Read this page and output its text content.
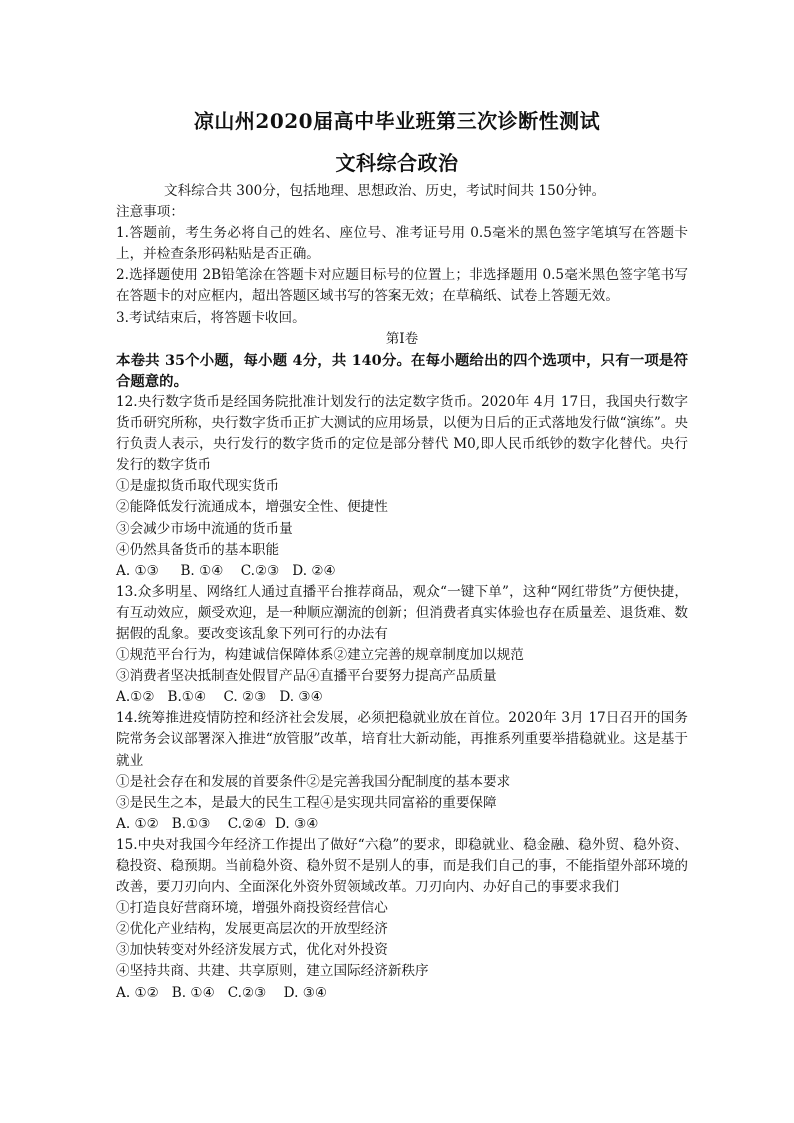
凉山州2020届高中毕业班第三次诊断性测试
文科综合政治
文科综合共 300分，包括地理、思想政治、历史，考试时间共 150分钟。
注意事项：
1.答题前，考生务必将自己的姓名、座位号、准考证号用 0.5毫米的黑色签字笔填写在答题卡上，并检查条形码粘贴是否正确。
2.选择题使用 2B铅笔涂在答题卡对应题目标号的位置上；非选择题用 0.5毫米黑色签字笔书写在答题卡的对应框内，超出答题区域书写的答案无效；在草稿纸、试卷上答题无效。
3.考试结束后，将答题卡收回。
第Ⅰ卷
本卷共 35个小题，每小题 4分，共 140分。在每小题给出的四个选项中，只有一项是符合题意的。
12.央行数字货币是经国务院批准计划发行的法定数字货币。2020年 4月 17日，我国央行数字货币研究所称，央行数字货币正扩大测试的应用场景，以便为日后的正式落地发行做“演练”。央行负责人表示，央行发行的数字货币的定位是部分替代 M0,即人民币纸钞的数字化替代。央行发行的数字货币
①是虚拟货币取代现实货币
②能降低发行流通成本，增强安全性、便捷性
③会减少市场中流通的货币量
④仍然具备货币的基本职能
A. ①③     B. ①④    C.②③   D. ②④
13.众多明星、网络红人通过直播平台推荐商品，观众“一键下单”，这种“网红带货”方便快捷，有互动效应，颇受欢迎，是一种顺应潮流的创新；但消费者真实体验也存在质量差、退货难、数据假的乱象。要改变该乱象下列可行的办法有
①规范平台行为，构建诚信保障体系②建立完善的规章制度加以规范
③消费者坚决抵制查处假冒产品④直播平台要努力提高产品质量
A.①②   B.①④    C. ②③   D. ③④
14.统筹推进疫情防控和经济社会发展，必须把稳就业放在首位。2020年 3月 17日召开的国务院常务会议部署深入推进“放管服”改革，培育壮大新动能，再推系列重要举措稳就业。这是基于就业
①是社会存在和发展的首要条件②是完善我国分配制度的基本要求
③是民生之本，是最大的民生工程④是实现共同富裕的重要保障
A. ①②   B.①③    C.②④  D. ③④
15.中央对我国今年经济工作提出了做好“六稳”的要求，即稳就业、稳金融、稳外贸、稳外资、稳投资、稳预期。当前稳外资、稳外贸不是别人的事，而是我们自己的事，不能指望外部环境的改善，要刀刃向内、全面深化外资外贸领域改革。刀刃向内、办好自己的事要求我们
①打造良好营商环境，增强外商投资经营信心
②优化产业结构，发展更高层次的开放型经济
③加快转变对外经济发展方式，优化对外投资
④坚持共商、共建、共享原则，建立国际经济新秩序
A. ①②   B. ①④   C.②③    D. ③④
